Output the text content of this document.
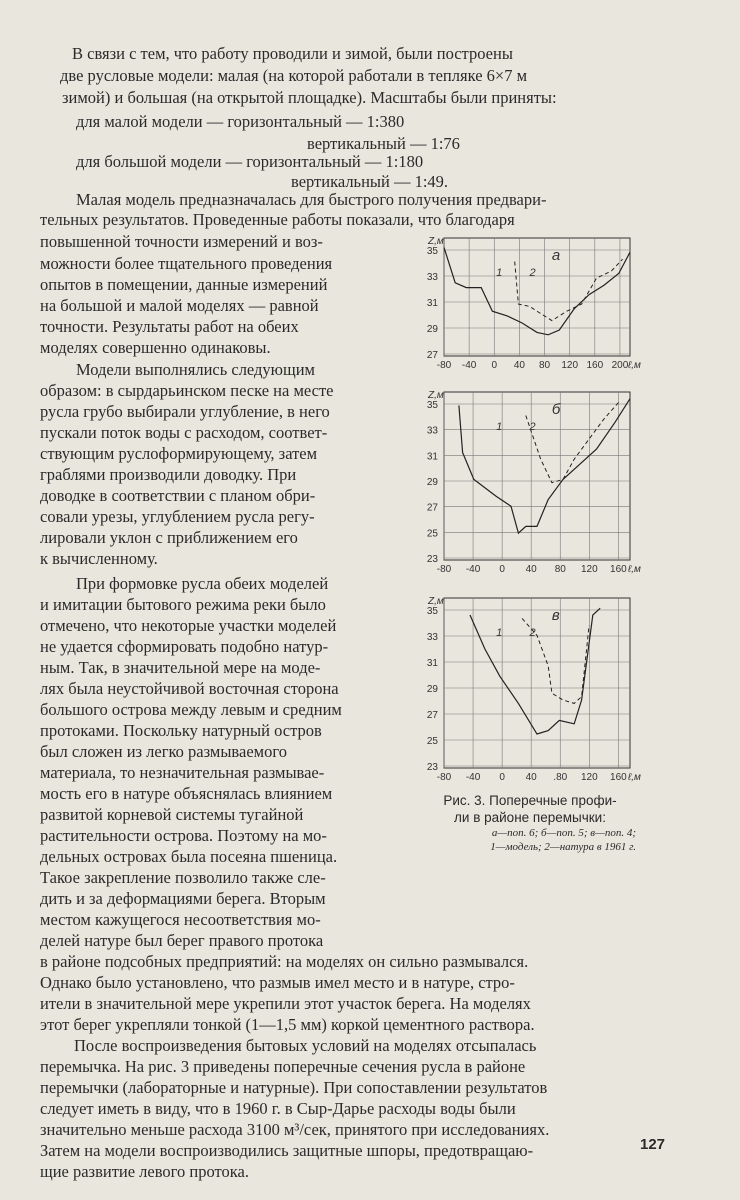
В связи с тем, что работу проводили и зимой, были построены
две русловые модели: малая (на которой работали в тепляке 6×7 м
зимой) и большая (на открытой площадке). Масштабы были приняты:
для малой модели — горизонтальный — 1:380
вертикальный — 1:76
для большой модели — горизонтальный — 1:180
вертикальный — 1:49.
Малая модель предназначалась для быстрого получения предвари-
тельных результатов. Проведенные работы показали, что благодаря
повышенной точности измерений и воз-
можности более тщательного проведения
опытов в помещении, данные измерений
на большой и малой моделях — равной
точности. Результаты работ на обеих
моделях совершенно одинаковы.
Модели выполнялись следующим
образом: в сырдарьинском песке на месте
русла грубо выбирали углубление, в него
пускали поток воды с расходом, соответ-
ствующим руслоформирующему, затем
граблями производили доводку. При
доводке в соответствии с планом обри-
совали урезы, углублением русла регу-
лировали уклон с приближением его
к вычисленному.
При формовке русла обеих моделей
и имитации бытового режима реки было
отмечено, что некоторые участки моделей
не удается сформировать подобно натур-
ным. Так, в значительной мере на моде-
лях была неустойчивой восточная сторона
большого острова между левым и средним
протоками. Поскольку натурный остров
был сложен из легко размываемого
материала, то незначительная размывае-
мость его в натуре объяснялась влиянием
развитой корневой системы тугайной
растительности острова. Поэтому на мо-
дельных островах была посеяна пшеница.
Такое закрепление позволило также сле-
дить и за деформациями берега. Вторым
местом кажущегося несоответствия мо-
делей натуре был берег правого протока
в районе подсобных предприятий: на моделях он сильно размывался.
Однако было установлено, что размыв имел место и в натуре, стро-
ители в значительной мере укрепили этот участок берега. На моделях
этот берег укрепляли тонкой (1—1,5 мм) коркой цементного раствора.
После воспроизведения бытовых условий на моделях отсыпалась
перемычка. На рис. 3 приведены поперечные сечения русла в районе
перемычки (лабораторные и натурные). При сопоставлении результатов
следует иметь в виду, что в 1960 г. в Сыр-Дарье расходы воды были
значительно меньше расхода 3100 м³/сек, принятого при исследованиях.
Затем на модели воспроизводились защитные шпоры, предотвращаю-
щие развитие левого протока.
35
33
31
29
27
-80 -40 0 40 80 120 160 200
Z,м
ℓ,м
а
1 2
35
33
31
29
27
25
23
-80 -40 0 40 80 120 160
Z,м
ℓ,м
б
1 2
35
33
31
29
27
25
23
-80 -40 0 40 .80 120 160
Z,м
ℓ,м
в
1 2
Рис. 3. Поперечные профи-
ли в районе перемычки:
а—поп. 6; б—поп. 5; в—поп. 4;
1—модель; 2—натура в 1961 г.
127
